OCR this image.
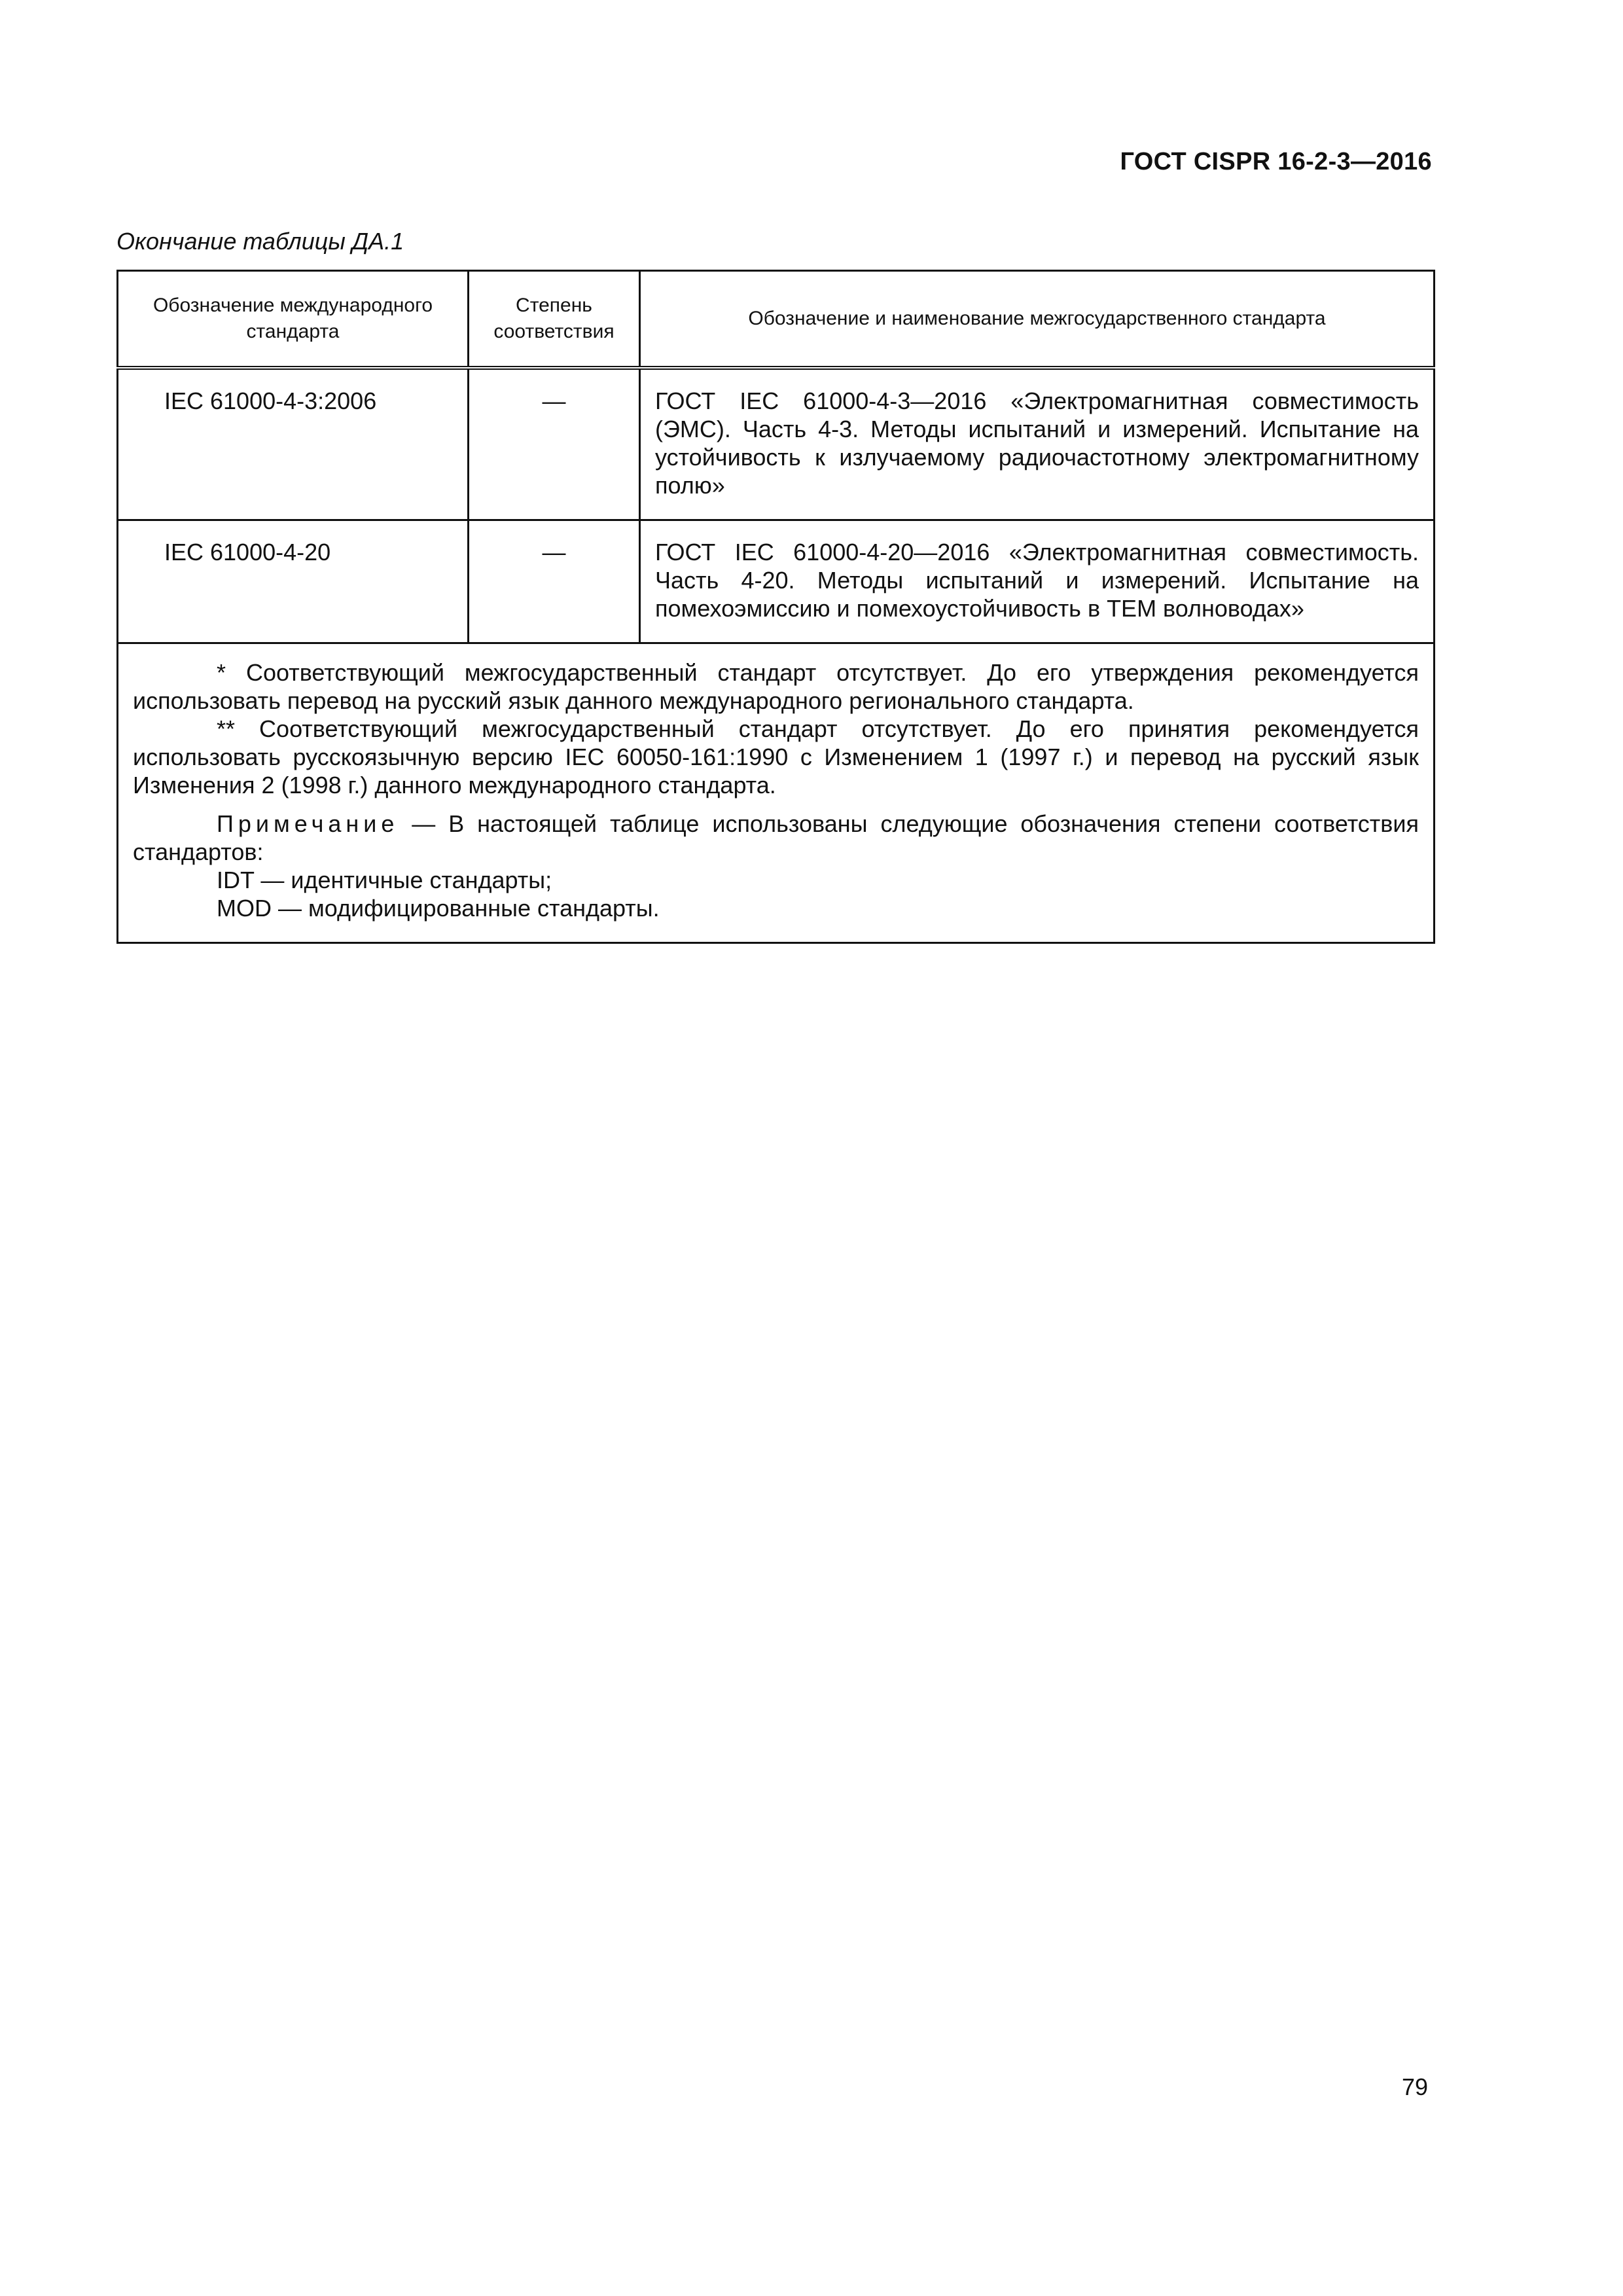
ГОСТ CISPR 16-2-3—2016
Окончание таблицы ДА.1
Обозначение международного стандарта	Степень соответствия	Обозначение и наименование межгосударственного стандарта
IEC 61000-4-3:2006	—	ГОСТ IEC 61000-4-3—2016 «Электромагнитная совместимость (ЭМС). Часть 4-3. Методы испытаний и измерений. Испытание на устойчивость к излучаемому радиочастотному электромагнитному полю»
IEC 61000-4-20	—	ГОСТ IEC 61000-4-20—2016 «Электромагнитная совместимость. Часть 4-20. Методы испытаний и измерений. Испытание на помехоэмиссию и помехоустойчивость в ТЕМ волноводах»

* Соответствующий межгосударственный стандарт отсутствует. До его утверждения рекомендуется использовать перевод на русский язык данного международного регионального стандарта.

** Соответствующий межгосударственный стандарт отсутствует. До его принятия рекомендуется использовать русскоязычную версию IEC 60050-161:1990 с Изменением 1 (1997 г.) и перевод на русский язык Изменения 2 (1998 г.) данного международного стандарта.

Примечание — В настоящей таблице использованы следующие обозначения степени соответствия стандартов:

IDT — идентичные стандарты;

MOD — модифицированные стандарты.		

79
